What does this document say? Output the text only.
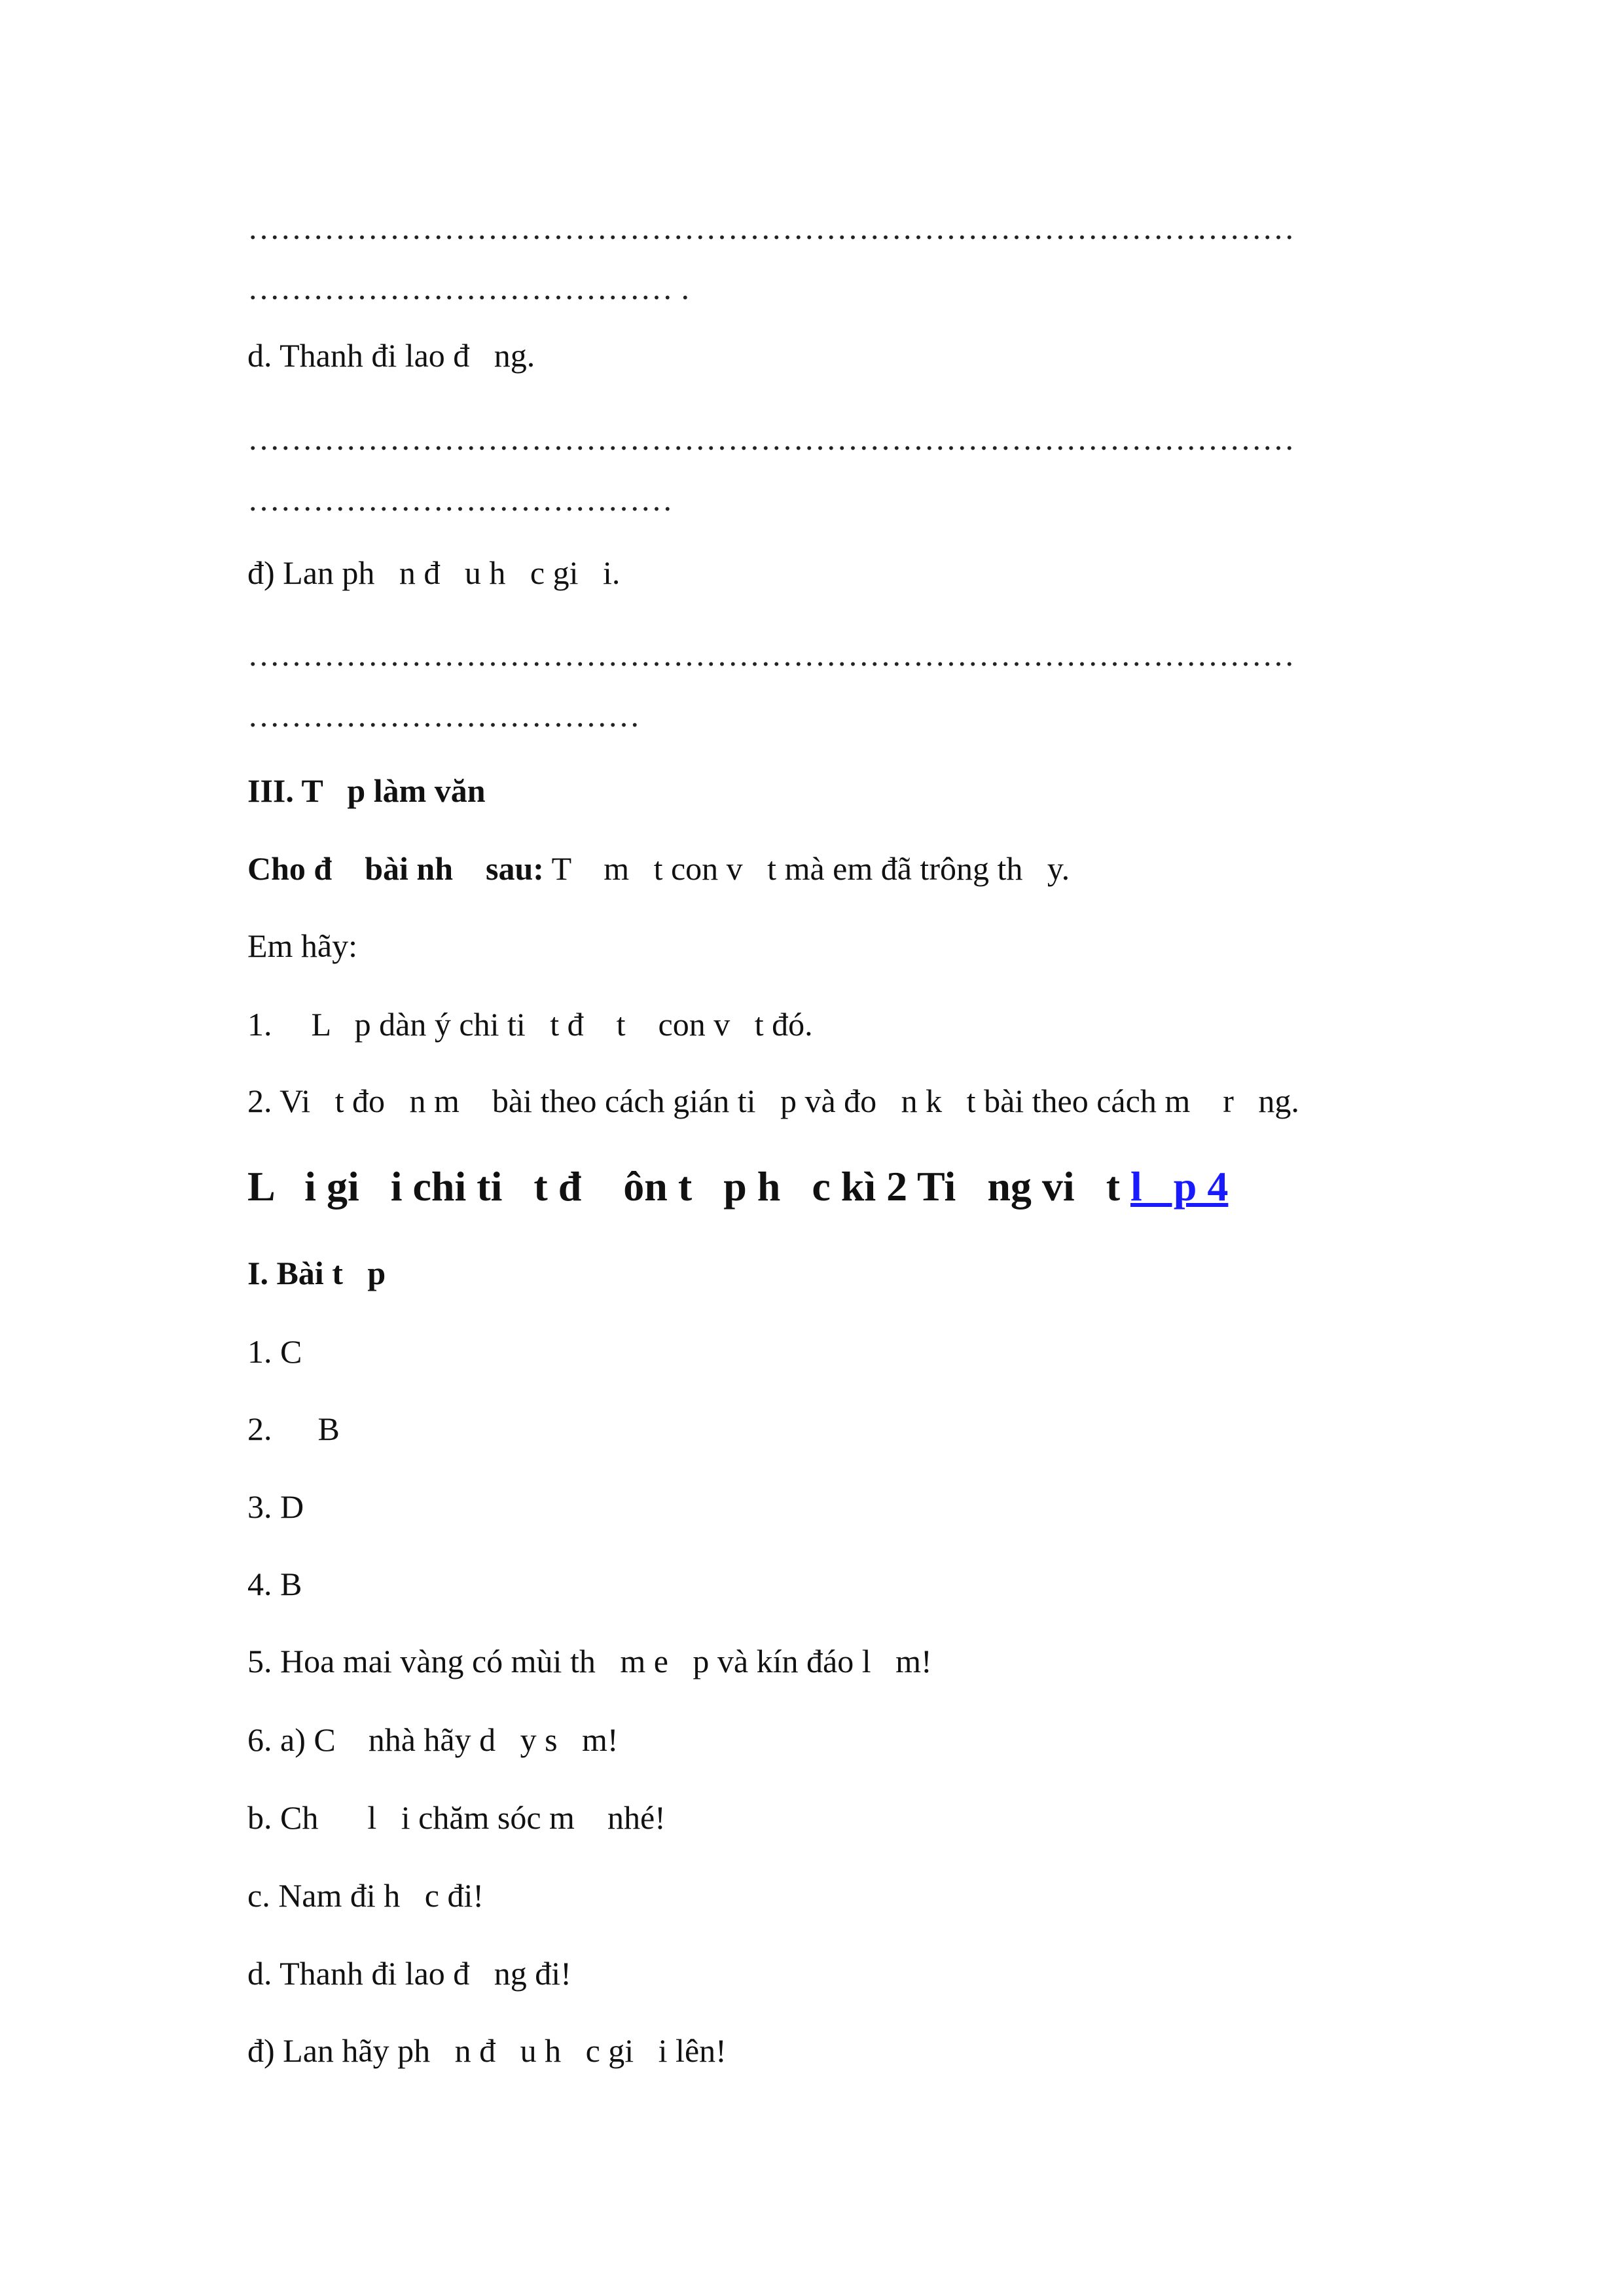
……………………………………………………………………………………
………………………………… .
d. Thanh đi lao đ   ng.
……………………………………………………………………………………
…………………………………
đ) Lan ph   n đ   u h   c gi   i.
……………………………………………………………………………………
………………………………
III. T   p làm văn
Cho đ    bài nh    sau: T    m   t con v   t mà em đã trông th   y.
Em hãy:
1. L   p dàn ý chi ti   t đ    t    con v   t đó.
2. Vi   t đo   n m    bài theo cách gián ti   p và đo   n k   t bài theo cách m    r   ng.
L   i gi   i chi ti   t đ    ôn t   p h   c kì 2 Ti   ng vi   t l   p 4
I. Bài t   p
1. C
2. B
3. D
4. B
5. Hoa mai vàng có mùi th   m e   p và kín đáo l   m!
6. a) C    nhà hãy d   y s   m!
b. Ch      l   i chăm sóc m    nhé!
c. Nam đi h   c đi!
d. Thanh đi lao đ   ng đi!
đ) Lan hãy ph   n đ   u h   c gi   i lên!
